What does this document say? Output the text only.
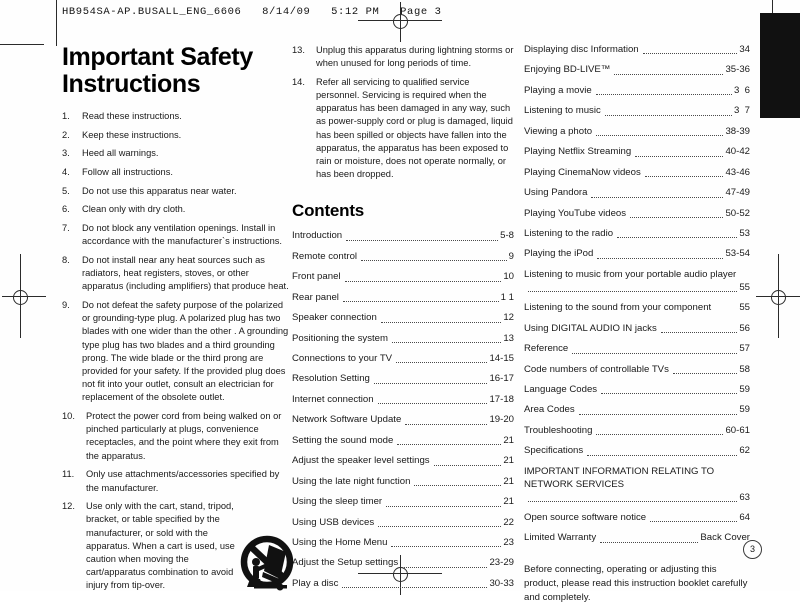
HB954SA-AP.BUSALL_ENG_6606   8/14/09   5:12 PM   Page 3
Important Safety
Instructions
1.	Read these instructions.
2.	Keep these instructions.
3.	Heed all warnings.
4.	Follow all instructions.
5.	Do not use this apparatus near water.
6.	Clean only with dry cloth.
7.	Do not block any ventilation openings. Install in accordance with the manufacturer`s instructions.
8.	Do not install near any heat sources such as radiators, heat registers, stoves, or other apparatus (including amplifiers) that produce heat.
9.	Do not defeat the safety purpose of the polarized or grounding-type plug. A polarized plug has two blades with one wider than the other . A grounding type plug has two blades and a third grounding prong. The wide blade or the third prong are provided for your safety. If the provided plug does not fit into your outlet, consult an electrician for replacement of the obsolete outlet.
10.	Protect the power cord from being walked on or pinched particularly at plugs, convenience receptacles, and the point where they exit from the apparatus.
11.	Only use attachments/accessories specified by the manufacturer.
12.	Use only with the cart, stand, tripod, bracket, or table specified by the manufacturer, or sold with the apparatus. When a cart is used, use caution when moving the cart/apparatus combination to avoid injury from tip-over.
13.	Unplug this apparatus during lightning storms or when unused for long periods of time.
14.	Refer all servicing to qualified service personnel. Servicing is required when the apparatus has been damaged in any way, such as power-supply cord or plug is damaged, liquid has been spilled or objects have fallen into the apparatus, the apparatus has been exposed to rain or moisture, does not operate normally, or has been dropped.
Contents
Introduction	5-8
Remote control	9
Front panel	10
Rear panel	1 1
Speaker connection	12
Positioning the system	13
Connections to your TV	14-15
Resolution Setting	16-17
Internet connection	17-18
Network Software Update	19-20
Setting the sound mode	21
Adjust the speaker level settings	21
Using the late night function	21
Using the sleep timer	21
Using USB devices	22
Using the Home Menu	23
Adjust the Setup settings	23-29
Play a disc	30-33
Displaying disc Information	34
Enjoying BD-LIVE™	35-36
Playing a movie	3  6
Listening to music	3  7
Viewing a photo	38-39
Playing Netflix Streaming	40-42
Playing CinemaNow videos	43-46
Using Pandora	47-49
Playing YouTube videos	50-52
Listening to the radio	53
Playing the iPod	53-54
Listening to music from your portable audio player
55
Listening to the sound from your component	55
Using DIGITAL AUDIO IN jacks	56
Reference	57
Code numbers of controllable TVs	58
Language Codes	59
Area Codes	59
Troubleshooting	60-61
Specifications	62
IMPORTANT INFORMATION RELATING TO NETWORK SERVICES
63
Open source software notice	64
Limited Warranty	Back Cover

Before connecting, operating or adjusting this product, please read this instruction booklet carefully and completely.

3
